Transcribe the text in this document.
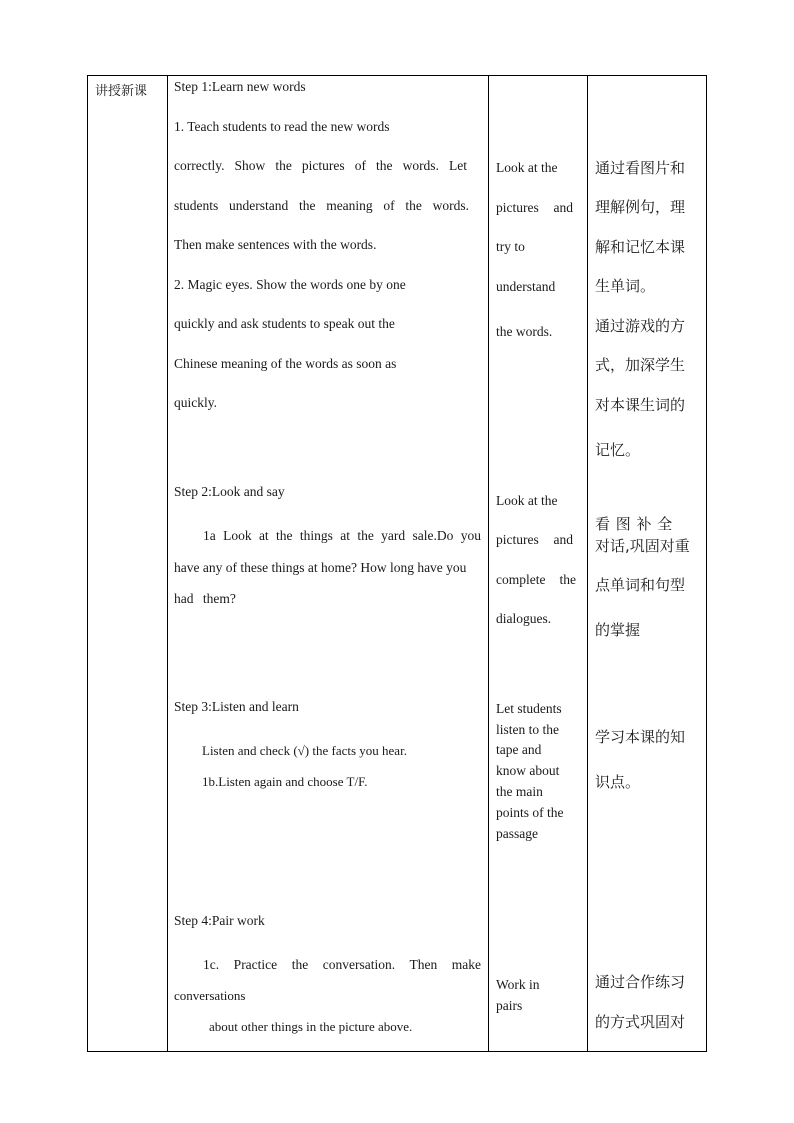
讲授新课 Step 1:Learn new words
1. Teach students to read the new words
correctly. Show the pictures of the words. Let
students understand the meaning of the words.
Then make sentences with the words.
2. Magic eyes. Show the words one by one
quickly and ask students to speak out the
Chinese meaning of the words as soon as
quickly.
Look at the
pictures and
try to
understand
the words.
通过看图片和
理解例句，理
解和记忆本课
生单词。
通过游戏的方
式，加深学生
对本课生词的
记忆。
Step 2:Look and say
1a Look at the things at the yard sale.Do you
have any of these things at home? How long have you
had them?
Look at the
pictures and
complete the
dialogues.
看 图 补 全
对话,巩固对重
点单词和句型
的掌握
Step 3:Listen and learn
Listen and check (√) the facts you hear.
1b.Listen again and choose T/F.
Let students
listen to the
tape and
know about
the main
points of the
passage
学习本课的知
识点。
Step 4:Pair work
1c. Practice the conversation. Then make
conversations
about other things in the picture above.
Work in
pairs
通过合作练习
的方式巩固对
